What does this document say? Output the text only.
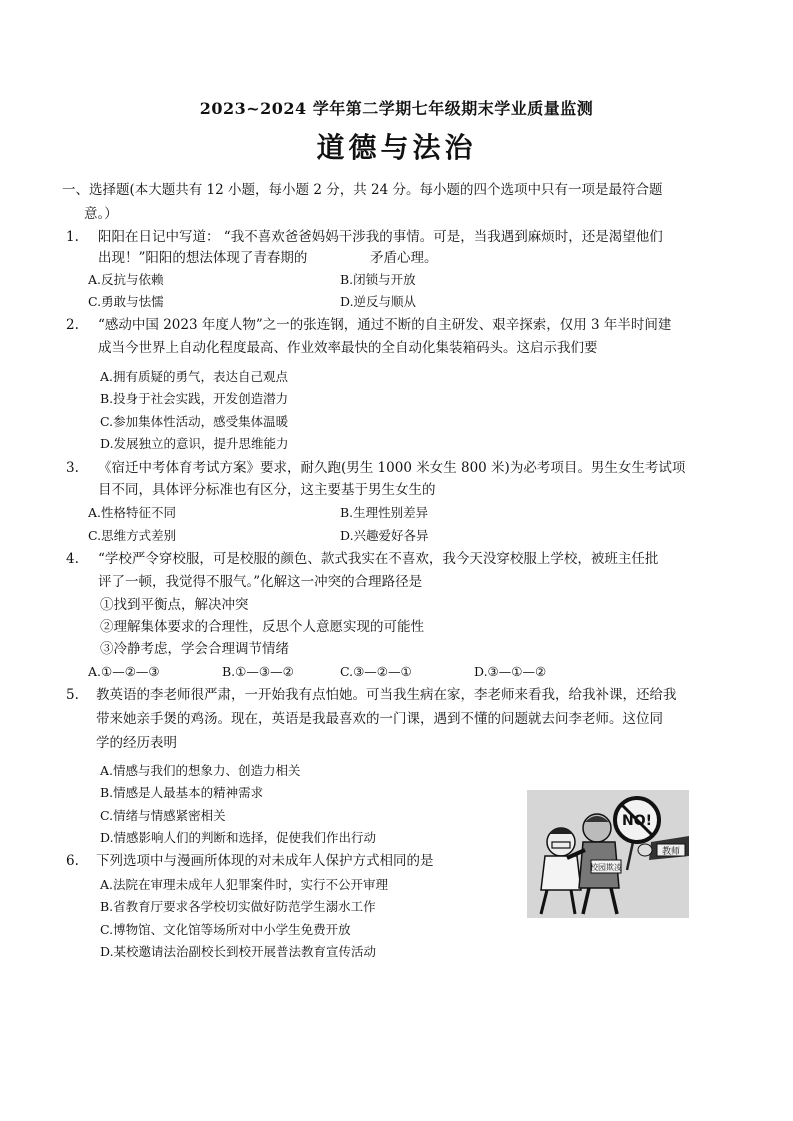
2023~2024 学年第二学期七年级期末学业质量监测
道德与法治
一、选择题(本大题共有 12 小题，每小题 2 分，共 24 分。每小题的四个选项中只有一项是最符合题
意。）
1. 阳阳在日记中写道： “我不喜欢爸爸妈妈干涉我的事情。可是，当我遇到麻烦时，还是渴望他们
出现！”阳阳的想法体现了青春期的	矛盾心理。
A.反抗与依赖	B.闭锁与开放
C.勇敢与怯懦	D.逆反与顺从
2. “感动中国 2023 年度人物”之一的张连钢，通过不断的自主研发、艰辛探索，仅用 3 年半时间建
成当今世界上自动化程度最高、作业效率最快的全自动化集装箱码头。这启示我们要
A.拥有质疑的勇气，表达自己观点
B.投身于社会实践，开发创造潜力
C.参加集体性活动，感受集体温暖
D.发展独立的意识，提升思维能力
3. 《宿迁中考体育考试方案》要求，耐久跑(男生 1000 米女生 800 米)为必考项目。男生女生考试项
目不同，具体评分标准也有区分，这主要基于男生女生的
A.性格特征不同	B.生理性别差异
C.思维方式差别	D.兴趣爱好各异
4. “学校严令穿校服，可是校服的颜色、款式我实在不喜欢，我今天没穿校服上学校，被班主任批
评了一顿，我觉得不服气。”化解这一冲突的合理路径是
①找到平衡点，解决冲突
②理解集体要求的合理性，反思个人意愿实现的可能性
③冷静考虑，学会合理调节情绪
A.①—②—③	B.①—③—②	C.③—②—①	D.③—①—②
5. 教英语的李老师很严肃，一开始我有点怕她。可当我生病在家，李老师来看我，给我补课，还给我
带来她亲手煲的鸡汤。现在，英语是我最喜欢的一门课，遇到不懂的问题就去问李老师。这位同
学的经历表明
A.情感与我们的想象力、创造力相关
B.情感是人最基本的精神需求
C.情绪与情感紧密相关
D.情感影响人们的判断和选择，促使我们作出行动
6. 下列选项中与漫画所体现的对未成年人保护方式相同的是
A.法院在审理未成年人犯罪案件时，实行不公开审理
B.省教育厅要求各学校切实做好防范学生溺水工作
C.博物馆、文化馆等场所对中小学生免费开放
D.某校邀请法治副校长到校开展普法教育宣传活动
NO!
教师
校园欺凌
